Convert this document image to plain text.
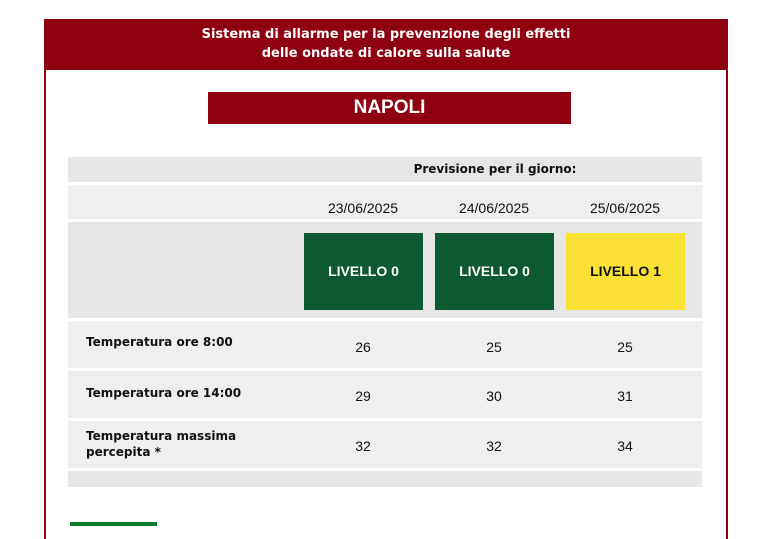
Sistema di allarme per la prevenzione degli effetti
delle ondate di calore sulla salute
NAPOLI
Previsione per il giorno:
23/06/2025	24/06/2025	25/06/2025
LIVELLO 0	LIVELLO 0	LIVELLO 1
Temperatura ore 8:00	26	25	25
Temperatura ore 14:00	29	30	31
Temperatura massima
percepita *	32	32	34
